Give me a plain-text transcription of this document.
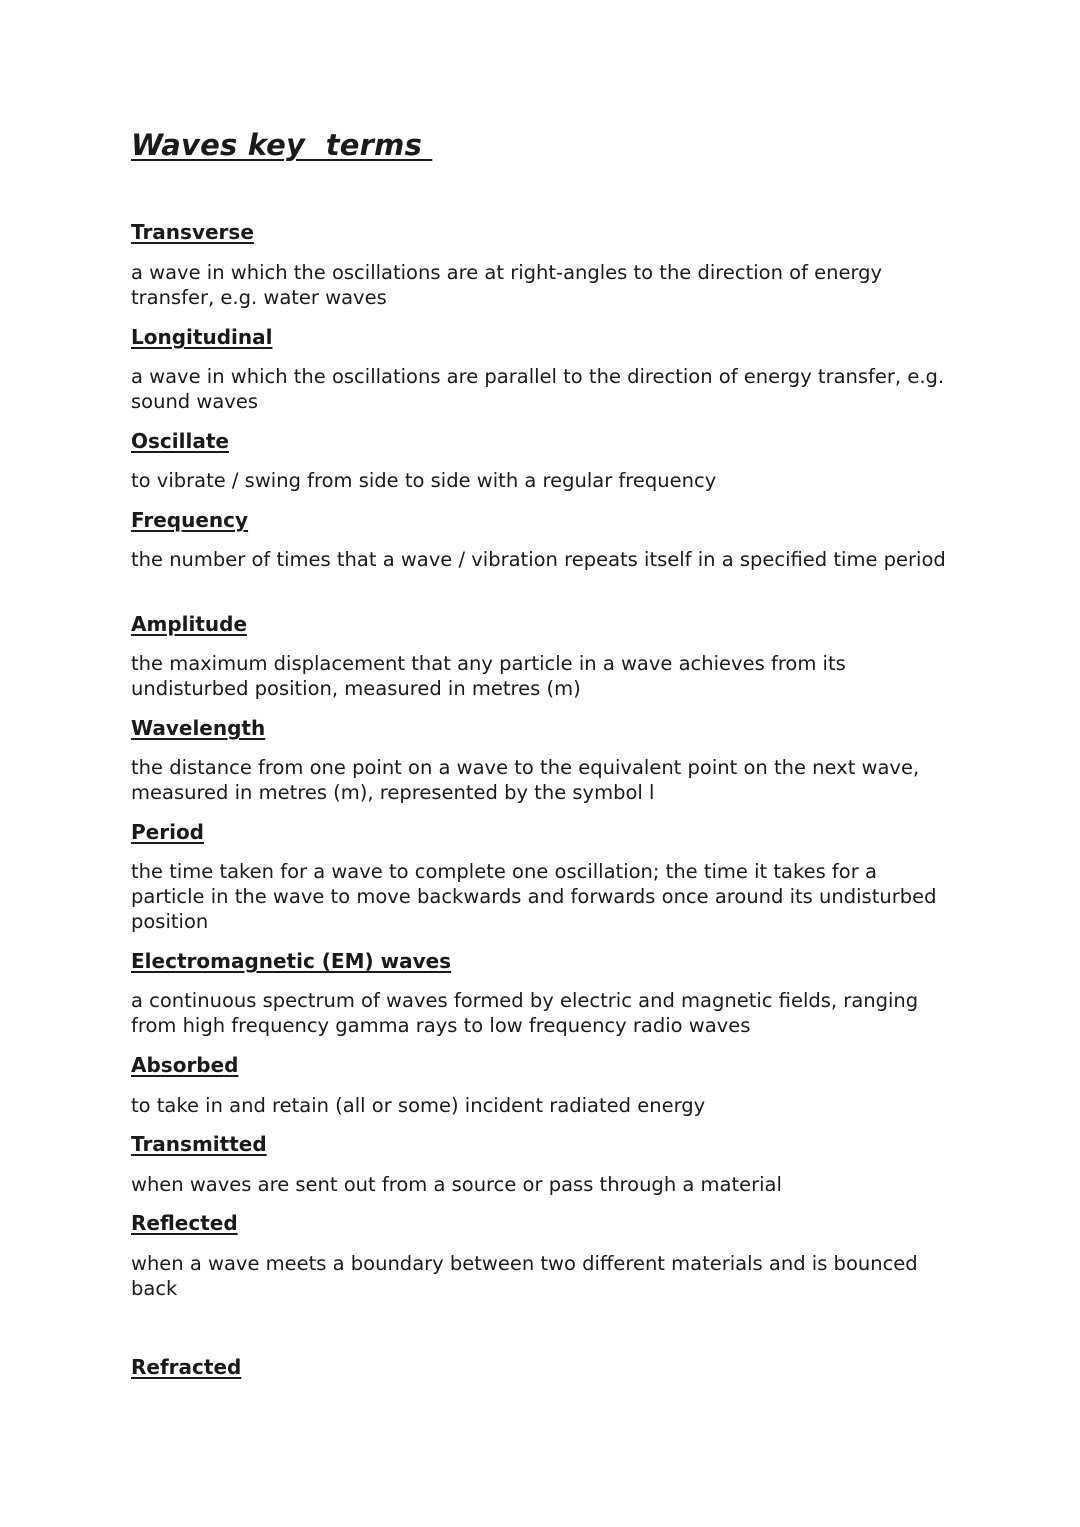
Waves key  terms
Transverse

a wave in which the oscillations are at right-angles to the direction of energy transfer, e.g. water waves

Longitudinal

a wave in which the oscillations are parallel to the direction of energy transfer, e.g. sound waves

Oscillate

to vibrate / swing from side to side with a regular frequency

Frequency

the number of times that a wave / vibration repeats itself in a specified time period

Amplitude

the maximum displacement that any particle in a wave achieves from its undisturbed position, measured in metres (m)

Wavelength

the distance from one point on a wave to the equivalent point on the next wave, measured in metres (m), represented by the symbol l

Period

the time taken for a wave to complete one oscillation; the time it takes for a particle in the wave to move backwards and forwards once around its undisturbed position

Electromagnetic (EM) waves

a continuous spectrum of waves formed by electric and magnetic fields, ranging from high frequency gamma rays to low frequency radio waves

Absorbed

to take in and retain (all or some) incident radiated energy

Transmitted

when waves are sent out from a source or pass through a material

Reflected

when a wave meets a boundary between two different materials and is bounced back

Refracted
